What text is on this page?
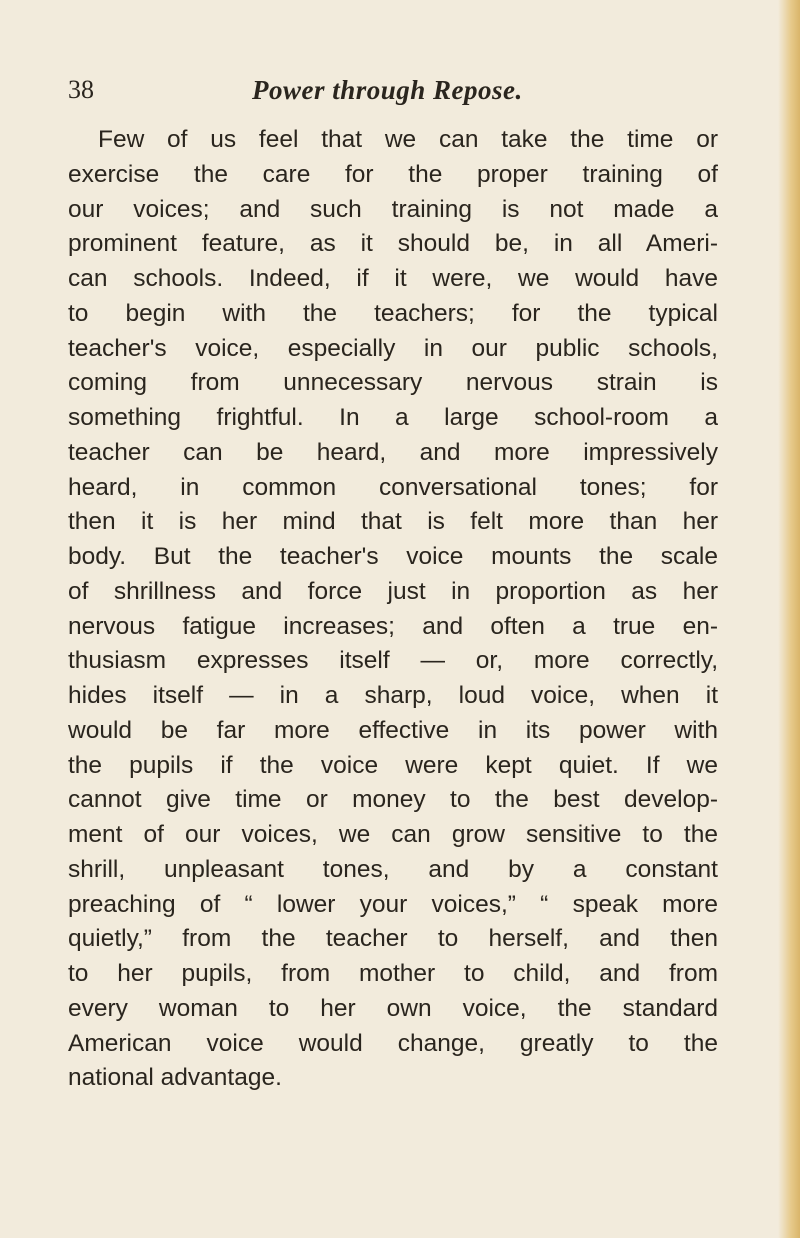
38	Power through Repose.
Few of us feel that we can take the time or
exercise the care for the proper training of
our voices; and such training is not made a
prominent feature, as it should be, in all Ameri-
can schools. Indeed, if it were, we would have
to begin with the teachers; for the typical
teacher's voice, especially in our public schools,
coming from unnecessary nervous strain is
something frightful. In a large school-room a
teacher can be heard, and more impressively
heard, in common conversational tones; for
then it is her mind that is felt more than her
body. But the teacher's voice mounts the scale
of shrillness and force just in proportion as her
nervous fatigue increases; and often a true en-
thusiasm expresses itself — or, more correctly,
hides itself — in a sharp, loud voice, when it
would be far more effective in its power with
the pupils if the voice were kept quiet. If we
cannot give time or money to the best develop-
ment of our voices, we can grow sensitive to the
shrill, unpleasant tones, and by a constant
preaching of “ lower your voices,” “ speak more
quietly,” from the teacher to herself, and then
to her pupils, from mother to child, and from
every woman to her own voice, the standard
American voice would change, greatly to the
national advantage.
